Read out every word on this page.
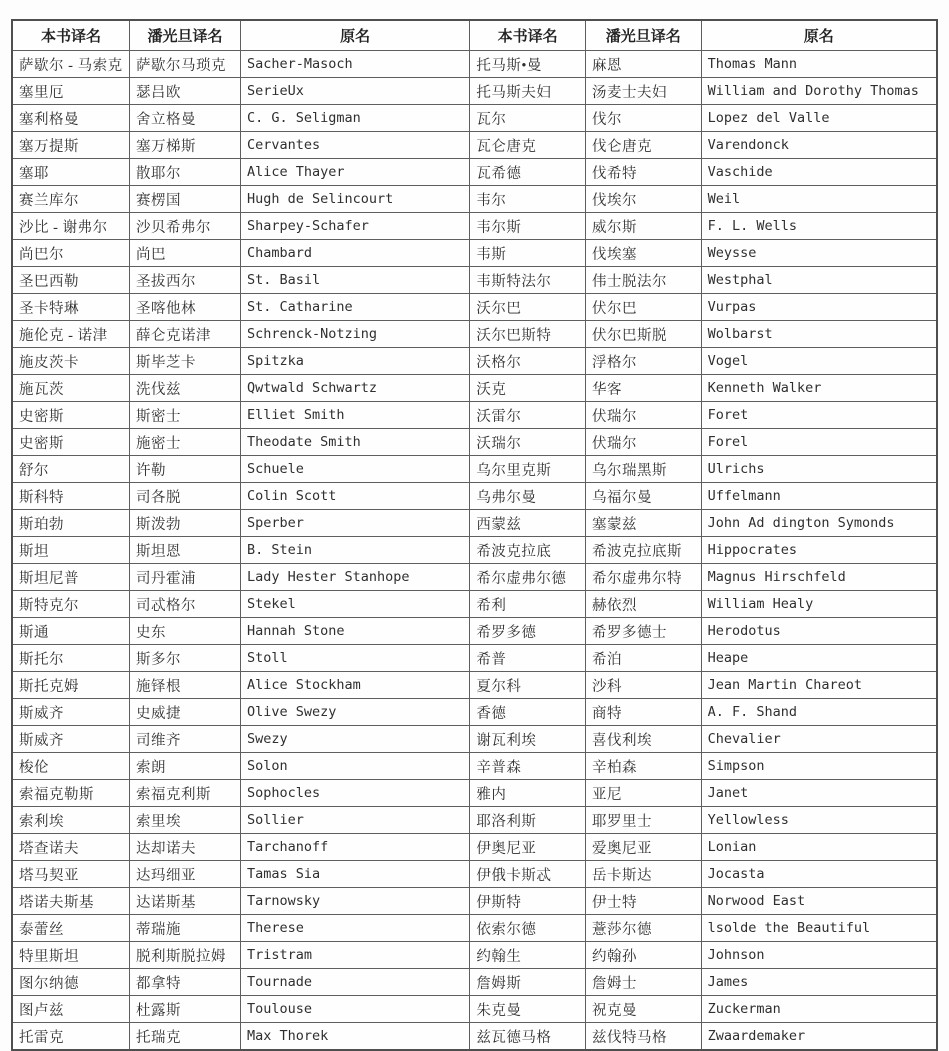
本书译名	潘光旦译名	原名	本书译名	潘光旦译名	原名
萨歇尔 - 马索克	萨歇尔马琐克	Sacher-Masoch	托马斯•曼	麻恩	Thomas Mann
塞里厄	瑟吕欧	SerieUx	托马斯夫妇	汤麦士夫妇	William and Dorothy Thomas
塞利格曼	舍立格曼	C. G. Seligman	瓦尔	伐尔	Lopez del Valle
塞万提斯	塞万梯斯	Cervantes	瓦仑唐克	伐仑唐克	Varendonck
塞耶	散耶尔	Alice Thayer	瓦希德	伐希特	Vaschide
赛兰库尔	赛楞国	Hugh de Selincourt	韦尔	伐埃尔	Weil
沙比 - 谢弗尔	沙贝希弗尔	Sharpey-Schafer	韦尔斯	威尔斯	F. L. Wells
尚巴尔	尚巴	Chambard	韦斯	伐埃塞	Weysse
圣巴西勒	圣拔西尔	St. Basil	韦斯特法尔	伟士脱法尔	Westphal
圣卡特琳	圣喀他林	St. Catharine	沃尔巴	伏尔巴	Vurpas
施伦克 - 诺津	薛仑克诺津	Schrenck-Notzing	沃尔巴斯特	伏尔巴斯脱	Wolbarst
施皮茨卡	斯毕芝卡	Spitzka	沃格尔	浮格尔	Vogel
施瓦茨	洗伐兹	Qwtwald Schwartz	沃克	华客	Kenneth Walker
史密斯	斯密士	Elliet Smith	沃雷尔	伏瑞尔	Foret
史密斯	施密士	Theodate Smith	沃瑞尔	伏瑞尔	Forel
舒尔	许勒	Schuele	乌尔里克斯	乌尔瑞黑斯	Ulrichs
斯科特	司各脱	Colin Scott	乌弗尔曼	乌福尔曼	Uffelmann
斯珀勃	斯泼勃	Sperber	西蒙兹	塞蒙兹	John Ad dington Symonds
斯坦	斯坦恩	B. Stein	希波克拉底	希波克拉底斯	Hippocrates
斯坦尼普	司丹霍浦	Lady Hester Stanhope	希尔虚弗尔德	希尔虚弗尔特	Magnus Hirschfeld
斯特克尔	司忒格尔	Stekel	希利	赫依烈	William Healy
斯通	史东	Hannah Stone	希罗多德	希罗多德士	Herodotus
斯托尔	斯多尔	Stoll	希普	希泊	Heape
斯托克姆	施铎根	Alice Stockham	夏尔科	沙科	Jean Martin Chareot
斯威齐	史威捷	Olive Swezy	香德	商特	A. F. Shand
斯威齐	司维齐	Swezy	谢瓦利埃	喜伐利埃	Chevalier
梭伦	索朗	Solon	辛普森	辛柏森	Simpson
索福克勒斯	索福克利斯	Sophocles	雅内	亚尼	Janet
索利埃	索里埃	Sollier	耶洛利斯	耶罗里士	Yellowless
塔查诺夫	达却诺夫	Tarchanoff	伊奥尼亚	爱奥尼亚	Lonian
塔马契亚	达玛细亚	Tamas Sia	伊俄卡斯忒	岳卡斯达	Jocasta
塔诺夫斯基	达诺斯基	Tarnowsky	伊斯特	伊士特	Norwood East
泰蕾丝	蒂瑞施	Therese	依索尔德	薏莎尔德	lsolde the Beautiful
特里斯坦	脱利斯脱拉姆	Tristram	约翰生	约翰孙	Johnson
图尔纳德	都拿特	Tournade	詹姆斯	詹姆士	James
图卢兹	杜露斯	Toulouse	朱克曼	祝克曼	Zuckerman
托雷克	托瑞克	Max Thorek	兹瓦德马格	兹伐特马格	Zwaardemaker
